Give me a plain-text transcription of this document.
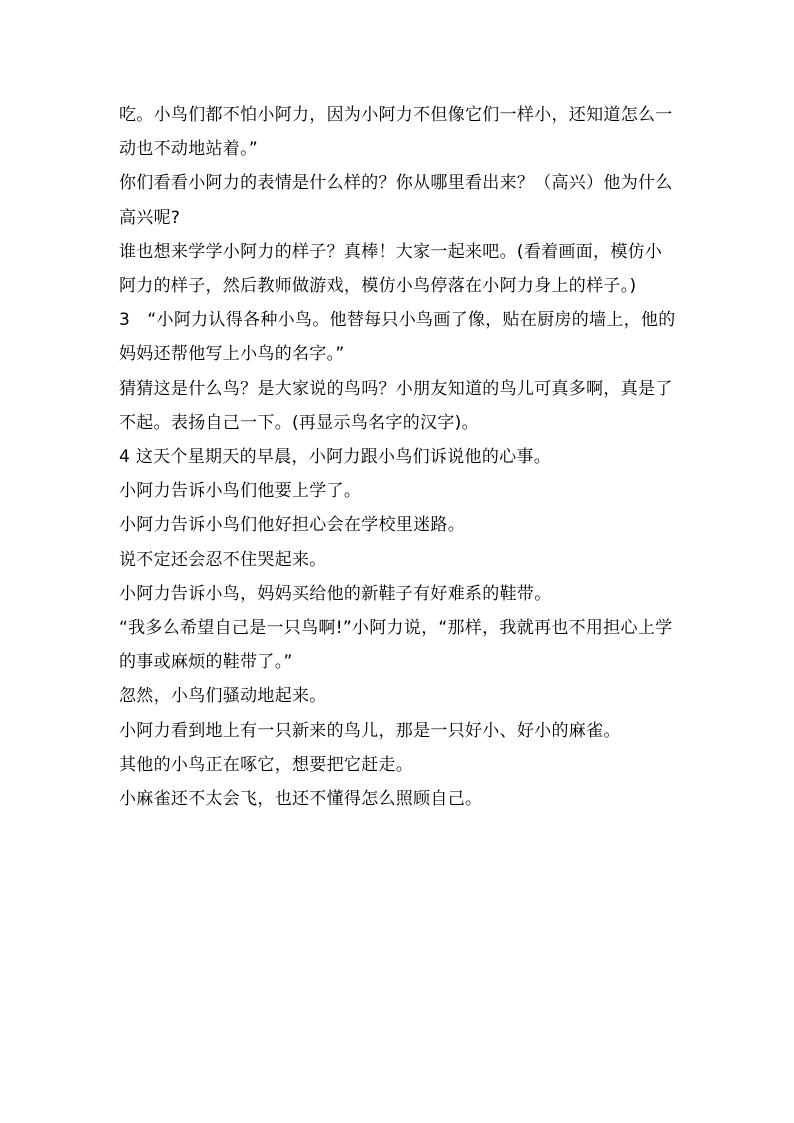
吃。小鸟们都不怕小阿力，因为小阿力不但像它们一样小，还知道怎么一动也不动地站着。”

你们看看小阿力的表情是什么样的？你从哪里看出来？（高兴）他为什么高兴呢?

谁也想来学学小阿力的样子？真棒！大家一起来吧。(看着画面，模仿小阿力的样子，然后教师做游戏，模仿小鸟停落在小阿力身上的样子。)

3　“小阿力认得各种小鸟。他替每只小鸟画了像，贴在厨房的墙上，他的妈妈还帮他写上小鸟的名字。”

猜猜这是什么鸟？是大家说的鸟吗？小朋友知道的鸟儿可真多啊，真是了不起。表扬自己一下。(再显示鸟名字的汉字)。

4 这天个星期天的早晨，小阿力跟小鸟们诉说他的心事。

小阿力告诉小鸟们他要上学了。

小阿力告诉小鸟们他好担心会在学校里迷路。

说不定还会忍不住哭起来。

小阿力告诉小鸟，妈妈买给他的新鞋子有好难系的鞋带。

“我多么希望自己是一只鸟啊!”小阿力说，“那样，我就再也不用担心上学的事或麻烦的鞋带了。”

忽然，小鸟们骚动地起来。

小阿力看到地上有一只新来的鸟儿，那是一只好小、好小的麻雀。

其他的小鸟正在啄它，想要把它赶走。

小麻雀还不太会飞，也还不懂得怎么照顾自己。
